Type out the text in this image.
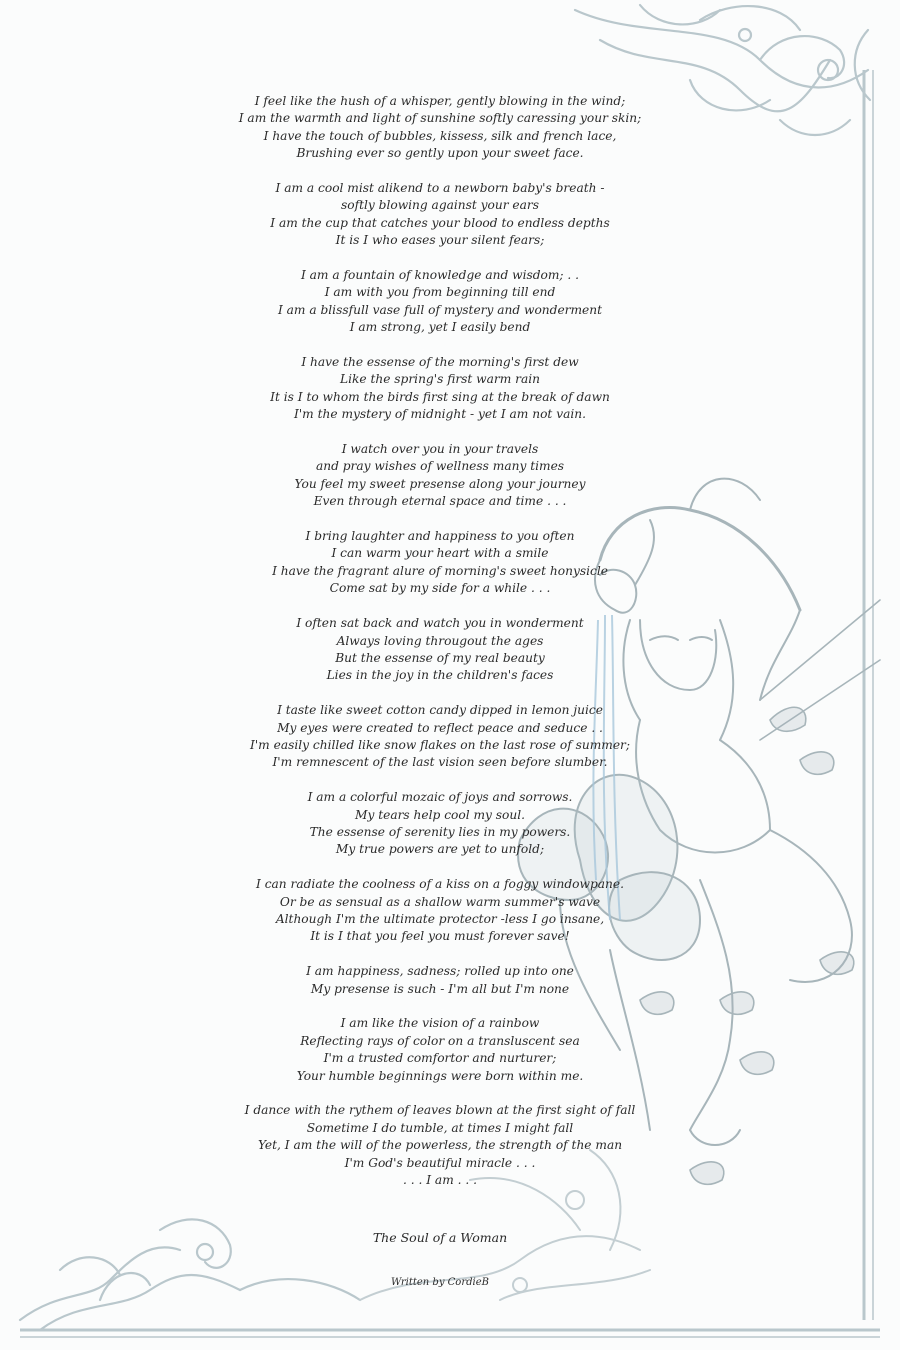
I feel like the hush of a whisper, gently blowing in the wind;
I am the warmth and light of sunshine softly caressing your skin;
I have the touch of bubbles, kissess, silk and french lace,
Brushing ever so gently upon your sweet face.
I am a cool mist alikend to a newborn baby's breath -
softly blowing against your ears
I am the cup that catches your blood to endless depths
It is I who eases your silent fears;
I am a fountain of knowledge and wisdom; . .
I am with you from beginning till end
I am a blissfull vase full of mystery and wonderment
I am strong, yet I easily bend
I have the essense of the morning's first dew
Like the spring's first warm rain
It is I to whom the birds first sing at the break of dawn
I'm the mystery of midnight - yet I am not vain.
I watch over you in your travels
and pray wishes of wellness many times
You feel my sweet presense along your journey
Even through eternal space and time . . .
I bring laughter and happiness to you often
I can warm your heart with a smile
I have the fragrant alure of morning's sweet honysicle
Come sat by my side for a while . . .
I often sat back and watch you in wonderment
Always loving througout the ages
But the essense of my real beauty
Lies in the joy in the children's faces
I taste like sweet cotton candy dipped in lemon juice
My eyes were created to reflect peace and seduce . .
I'm easily chilled like snow flakes on the last rose of summer;
I'm remnescent of the last vision seen before slumber.
I am a colorful mozaic of joys and sorrows.
My tears help cool my soul.
The essense of serenity lies in my powers.
My true powers are yet to unfold;
I can radiate the coolness of a kiss on a foggy windowpane.
Or be as sensual as a shallow warm summer's wave
Although I'm the ultimate protector -less I go insane,
It is I that you feel you must forever save!
I am happiness, sadness; rolled up into one
My presense is such - I'm all but I'm none
I am like the vision of a rainbow
Reflecting rays of color on a transluscent sea
I'm a trusted comfortor and nurturer;
Your humble beginnings were born within me.
I dance with the rythem of leaves blown at the first sight of fall
Sometime I do tumble, at times I might fall
Yet, I am the will of the powerless, the strength of the man
I'm God's beautiful miracle . . .
. . . I am . . .
The Soul of a Woman
Written by CordieB
